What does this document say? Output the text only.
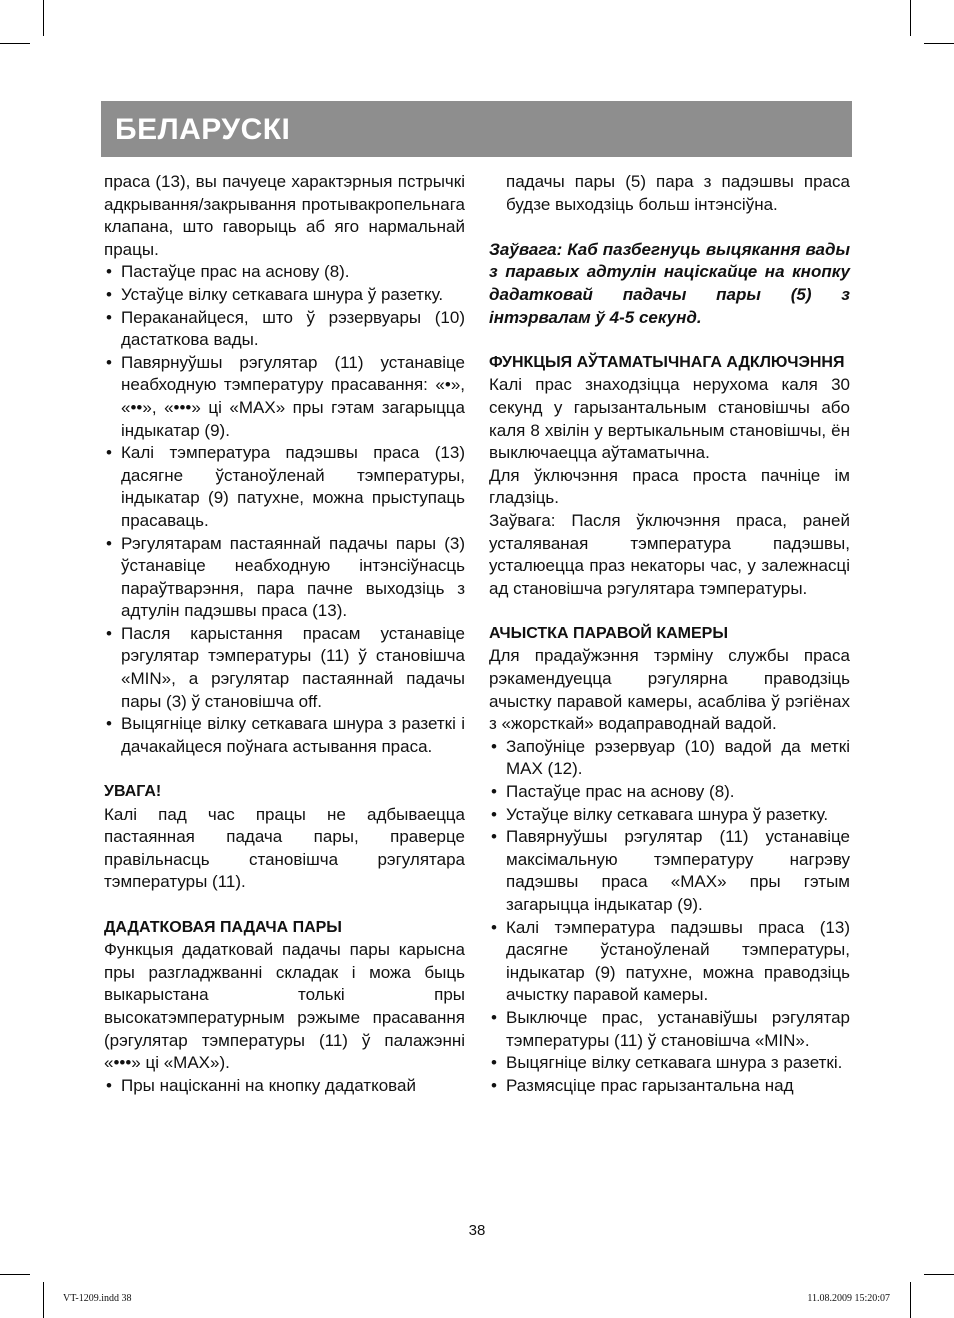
БЕЛАРУСКІ

праса (13), вы пачуеце характэрныя пстрычкі адкрывання/закрывання протывакропельнага клапана, што гаворыць аб яго нармальнай працы.

• Пастаўце прас на аснову (8).
• Устаўце вілку сеткавага шнура ў разетку.
• Пераканайцеся, што ў рэзервуары (10) дастаткова вады.
• Павярнуўшы рэгулятар (11) устанавіце неабходную тэмпературу прасавання: «•», «••», «•••» ці «MAX» пры гэтам загарыцца індыкатар (9).
• Калі тэмпература падэшвы праса (13) дасягне ўстаноўленай тэмпературы, індыкатар (9) патухне, можна прыступаць прасаваць.
• Рэгулятарам пастаяннай падачы пары (3) ўстанавіце неабходную інтэнсіўнасць параўтварэння, пара пачне выходзіць з адтулін падэшвы праса (13).
• Пасля карыстання прасам устанавіце рэгулятар тэмпературы (11) ў становішча «MIN», а рэгулятар пастаяннай падачы пары (3) ў становішча off.
• Выцягніце вілку сеткавага шнура з разеткі і дачакайцеся поўнага астывання праса.
УВАГА!

Калі пад час працы не адбываецца пастаянная падача пары, праверце правільнасць становішча рэгулятара тэмпературы (11).

ДАДАТКОВАЯ ПАДАЧА ПАРЫ

Функцыя дадатковай падачы пары карысна пры разгладжванні складак і можа быць выкарыстана толькі пры высокатэмпературным рэжыме прасавання (рэгулятар тэмпературы (11) ў палажэнні «•••» ці «MAX»).

• Пры націсканні на кнопку дадатковай

падачы пары (5) пара з падэшвы праса будзе выходзіць больш інтэнсіўна.

Заўвага: Каб пазбегнуць выцякання вады з паравых адтулін націскайце на кнопку дадатковай падачы пары (5) з інтэрвалам ў 4-5 секунд.

ФУНКЦЫЯ АЎТАМАТЫЧНАГА АДКЛЮЧЭННЯ

Калі прас знаходзіцца нерухома каля 30 секунд у гарызантальным становішчы або каля 8 хвілін у вертыкальным становішчы, ён выключаецца аўтаматычна.

Для ўключэння праса проста пачніце ім гладзіць.

Заўвага: Пасля ўключэння праса, раней усталяваная тэмпература падэшвы, усталюецца праз некаторы час, у залежнасці ад становішча рэгулятара тэмпературы.

АЧЫСТКА ПАРАВОЙ КАМЕРЫ

Для прадаўжэння тэрміну службы праса рэкамендуецца рэгулярна праводзіць ачыстку паравой камеры, асабліва ў рэгіёнах з «жорсткай» водаправоднай вадой.

• Запоўніце рэзервуар (10) вадой да меткі MAX (12).
• Пастаўце прас на аснову (8).
• Устаўце вілку сеткавага шнура ў разетку.
• Павярнуўшы рэгулятар (11) устанавіце максімальную тэмпературу нагрэву падэшвы праса «MAX» пры гэтым загарыцца індыкатар (9).
• Калі тэмпература падэшвы праса (13) дасягне ўстаноўленай тэмпературы, індыкатар (9) патухне, можна праводзіць ачыстку паравой камеры.
• Выключце прас, устанавіўшы рэгулятар тэмпературы (11) ў становішча «MIN».
• Выцягніце вілку сеткавага шнура з разеткі.
• Размясціце прас гарызантальна над
38
VT-1209.indd 38	11.08.2009 15:20:07
